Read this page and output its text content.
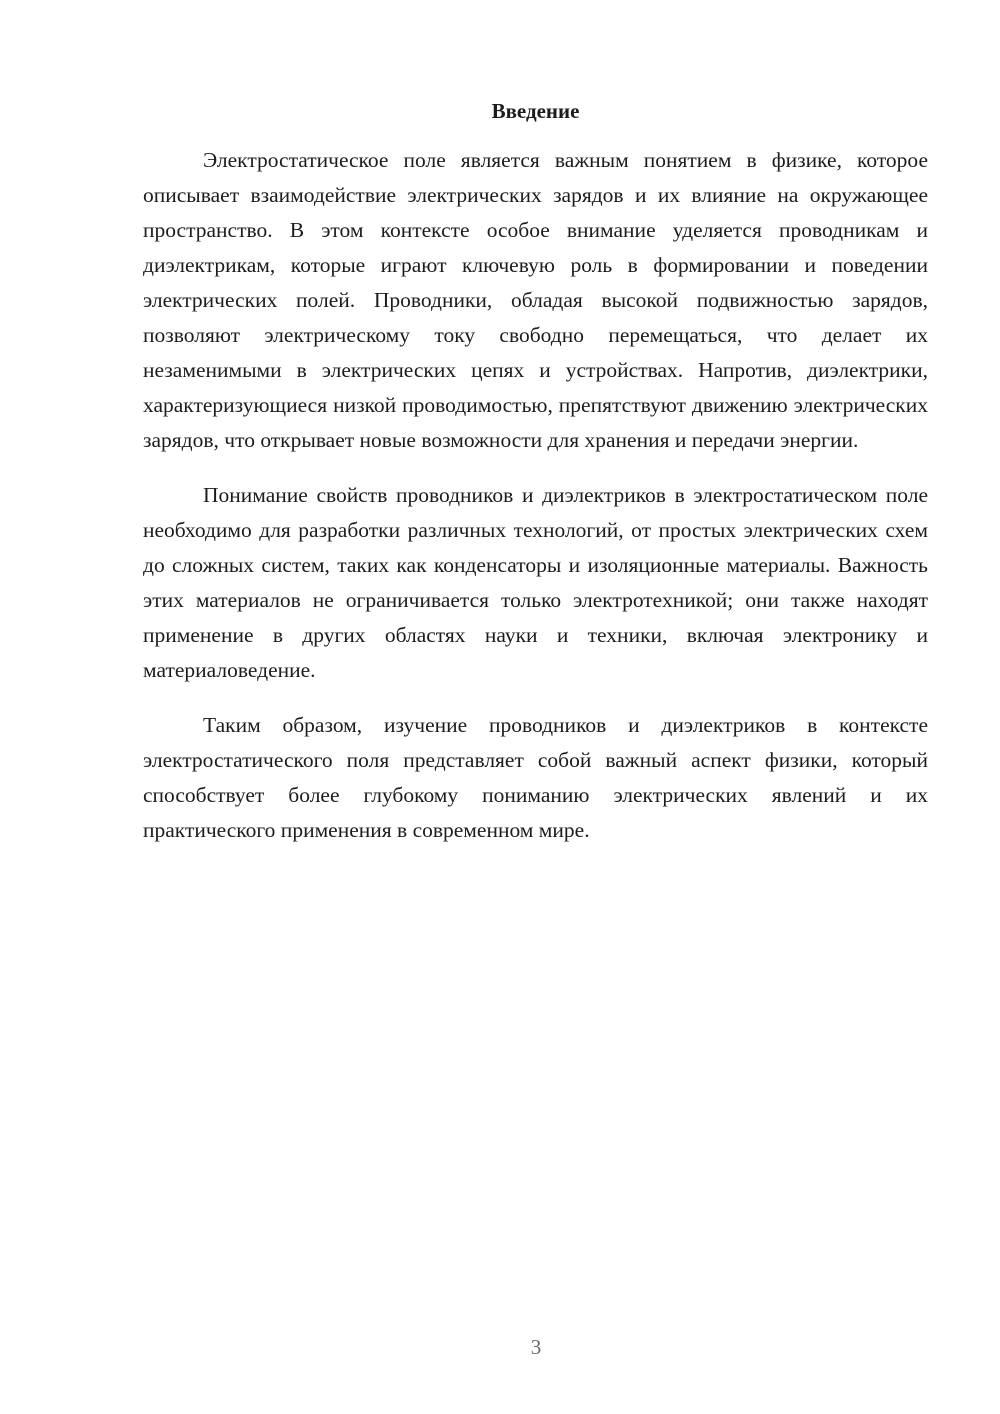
Введение

Электростатическое поле является важным понятием в физике, которое описывает взаимодействие электрических зарядов и их влияние на окружающее пространство. В этом контексте особое внимание уделяется проводникам и диэлектрикам, которые играют ключевую роль в формировании и поведении электрических полей. Проводники, обладая высокой подвижностью зарядов, позволяют электрическому току свободно перемещаться, что делает их незаменимыми в электрических цепях и устройствах. Напротив, диэлектрики, характеризующиеся низкой проводимостью, препятствуют движению электрических зарядов, что открывает новые возможности для хранения и передачи энергии.

Понимание свойств проводников и диэлектриков в электростатическом поле необходимо для разработки различных технологий, от простых электрических схем до сложных систем, таких как конденсаторы и изоляционные материалы. Важность этих материалов не ограничивается только электротехникой; они также находят применение в других областях науки и техники, включая электронику и материаловедение.

Таким образом, изучение проводников и диэлектриков в контексте электростатического поля представляет собой важный аспект физики, который способствует более глубокому пониманию электрических явлений и их практического применения в современном мире.

3
